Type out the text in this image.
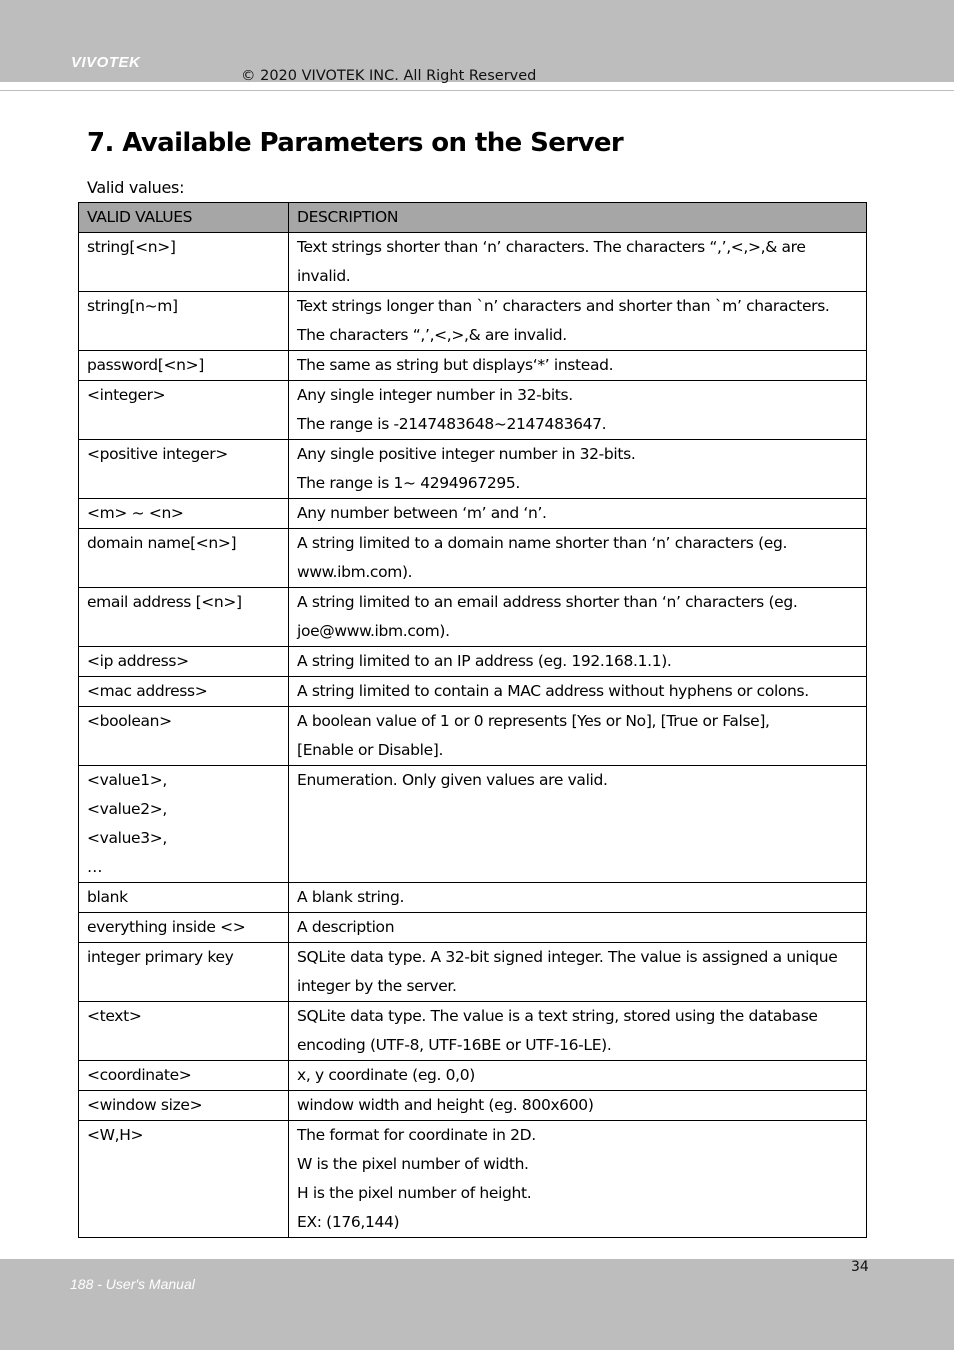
VIVOTEK
© 2020 VIVOTEK INC. All Right Reserved
7. Available Parameters on the Server
Valid values:
VALID VALUES	DESCRIPTION

string[<n>]	Text strings shorter than ‘n’ characters. The characters “,’,<,>,& are
invalid.

string[n~m]	Text strings longer than `n’ characters and shorter than `m’ characters.
The characters “,’,<,>,& are invalid.

password[<n>]	The same as string but displays‘*’ instead.

<integer>	Any single integer number in 32-bits.
The range is -2147483648~2147483647.

<positive integer>	Any single positive integer number in 32-bits.
The range is 1~ 4294967295.

<m> ~ <n>	Any number between ‘m’ and ‘n’.

domain name[<n>]	A string limited to a domain name shorter than ‘n’ characters (eg.
www.ibm.com).

email address [<n>]	A string limited to an email address shorter than ‘n’ characters (eg.
joe@www.ibm.com).

<ip address>	A string limited to an IP address (eg. 192.168.1.1).

<mac address>	A string limited to contain a MAC address without hyphens or colons.

<boolean>	A boolean value of 1 or 0 represents [Yes or No], [True or False],
[Enable or Disable].

<value1>,
<value2>,
<value3>,
…	Enumeration. Only given values are valid.

blank	A blank string.

everything inside <>	A description

integer primary key	SQLite data type. A 32-bit signed integer. The value is assigned a unique
integer by the server.

<text>	SQLite data type. The value is a text string, stored using the database
encoding (UTF-8, UTF-16BE or UTF-16-LE).

<coordinate>	x, y coordinate (eg. 0,0)

<window size>	window width and height (eg. 800x600)

<W,H>	The format for coordinate in 2D.
W is the pixel number of width.
H is the pixel number of height.
EX: (176,144)
34
188 - User's Manual
